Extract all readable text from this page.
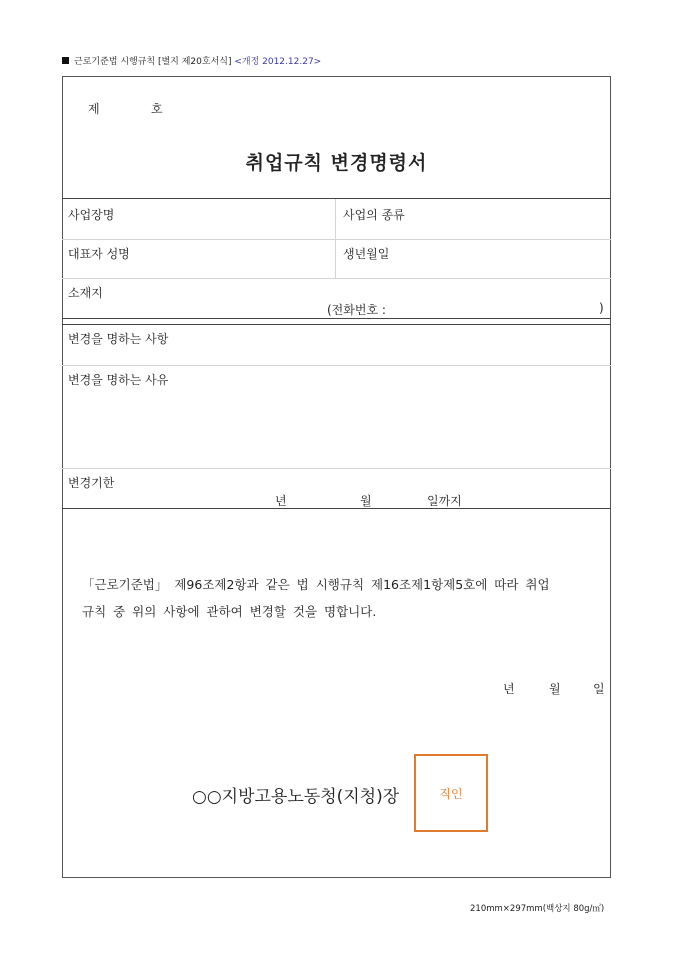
근로기준법 시행규칙 [별지 제20호서식] <개정 2012.12.27>
제	호
취업규칙 변경명령서
사업장명	사업의 종류
대표자 성명	생년월일
소재지
(전화번호 :	)
변경을 명하는 사항
변경을 명하는 사유
변경기한
년	월	일까지
「근로기준법」 제96조제2항과 같은 법 시행규칙 제16조제1항제5호에 따라 취업
규칙 중 위의 사항에 관하여 변경할 것을 명합니다.
년	월	일
○○지방고용노동청(지청)장	직인
210mm×297mm(백상지 80g/㎡)
